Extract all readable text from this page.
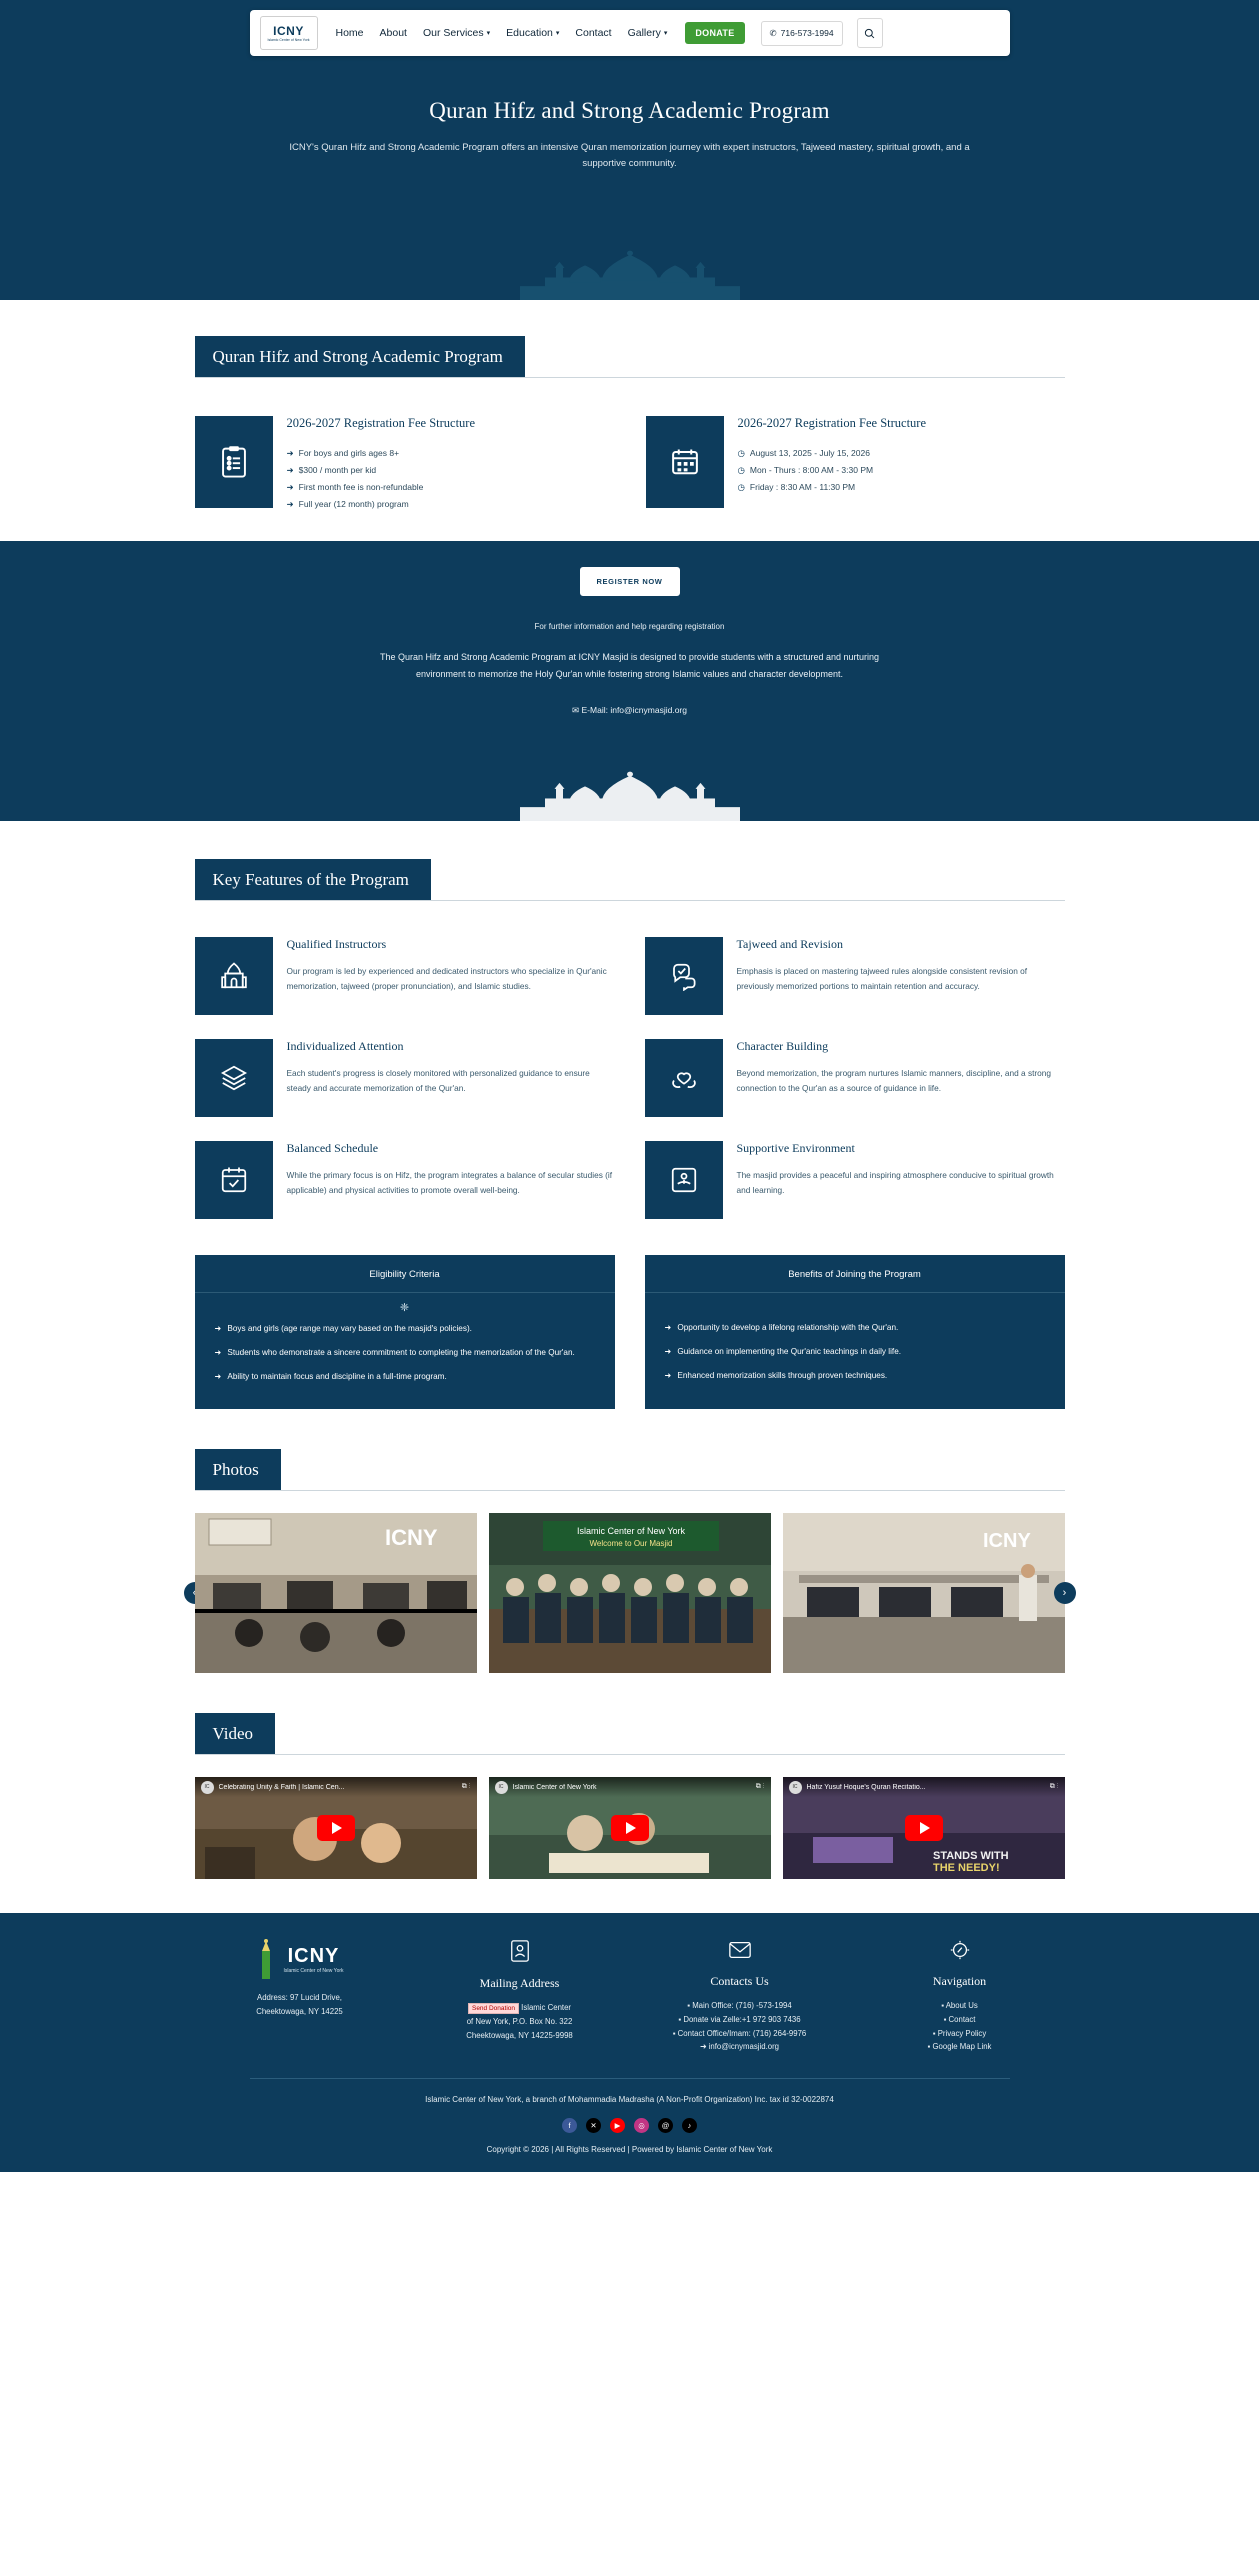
ICNY
Islamic Center of New York
Home About Our Services ▾ Education ▾ Contact Gallery ▾	DONATE	✆ 716-573-1994
Quran Hifz and Strong Academic Program
ICNY's Quran Hifz and Strong Academic Program offers an intensive Quran memorization journey with expert instructors, Tajweed mastery, spiritual growth, and a supportive community.
Quran Hifz and Strong Academic Program
2026-2027 Registration Fee Structure
➜ For boys and girls ages 8+
➜ $300 / month per kid
➜ First month fee is non-refundable
➜ Full year (12 month) program
2026-2027 Registration Fee Structure
◷ August 13, 2025 - July 15, 2026
◷ Mon - Thurs : 8:00 AM - 3:30 PM
◷ Friday : 8:30 AM - 11:30 PM
REGISTER NOW
For further information and help regarding registration
The Quran Hifz and Strong Academic Program at ICNY Masjid is designed to provide students with a structured and nurturing environment to memorize the Holy Qur'an while fostering strong Islamic values and character development.
✉ E-Mail: info@icnymasjid.org
Key Features of the Program
Qualified Instructors
Our program is led by experienced and dedicated instructors who specialize in Qur'anic memorization, tajweed (proper pronunciation), and Islamic studies.
Tajweed and Revision
Emphasis is placed on mastering tajweed rules alongside consistent revision of previously memorized portions to maintain retention and accuracy.
Individualized Attention
Each student's progress is closely monitored with personalized guidance to ensure steady and accurate memorization of the Qur'an.
Character Building
Beyond memorization, the program nurtures Islamic manners, discipline, and a strong connection to the Qur'an as a source of guidance in life.
Balanced Schedule
While the primary focus is on Hifz, the program integrates a balance of secular studies (if applicable) and physical activities to promote overall well-being.
Supportive Environment
The masjid provides a peaceful and inspiring atmosphere conducive to spiritual growth and learning.
Eligibility Criteria
❈
➜ Boys and girls (age range may vary based on the masjid's policies).
➜ Students who demonstrate a sincere commitment to completing the memorization of the Qur'an.
➜ Ability to maintain focus and discipline in a full-time program.
Benefits of Joining the Program

➜ Opportunity to develop a lifelong relationship with the Qur'an.
➜ Guidance on implementing the Qur'anic teachings in daily life.
➜ Enhanced memorization skills through proven techniques.
Photos
ICNY	Islamic Center of New York
Welcome to Our Masjid	ICNY
›
Video
IC	Celebrating Unity & Faith | Islamic Cen...	⧉ ⋮	IC	Islamic Center of New York	⧉ ⋮
STANDS WITH
THE NEEDY!
IC	Hafiz Yusuf Hoque's Quran Recitatio...	⧉ ⋮
ICNY
Islamic Center of New York

Address: 97 Lucid Drive,

Cheektowaga, NY 14225

Mailing Address

Send Donation Islamic Center

of New York, P.O. Box No. 322

Cheektowaga, NY 14225-9998

Contacts Us
▪ Main Office: (716) -573-1994
▪ Donate via Zelle:+1 972 903 7436
▪ Contact Office/Imam: (716) 264-9976
➜ info@icnymasjid.org
Navigation
▪ About Us
▪ Contact
▪ Privacy Policy
▪ Google Map Link
Islamic Center of New York, a branch of Mohammadia Madrasha (A Non-Profit Organization) Inc. tax id 32-0022874
f	✕	▶	◎	@	♪
Copyright © 2026 | All Rights Reserved | Powered by Islamic Center of New York
